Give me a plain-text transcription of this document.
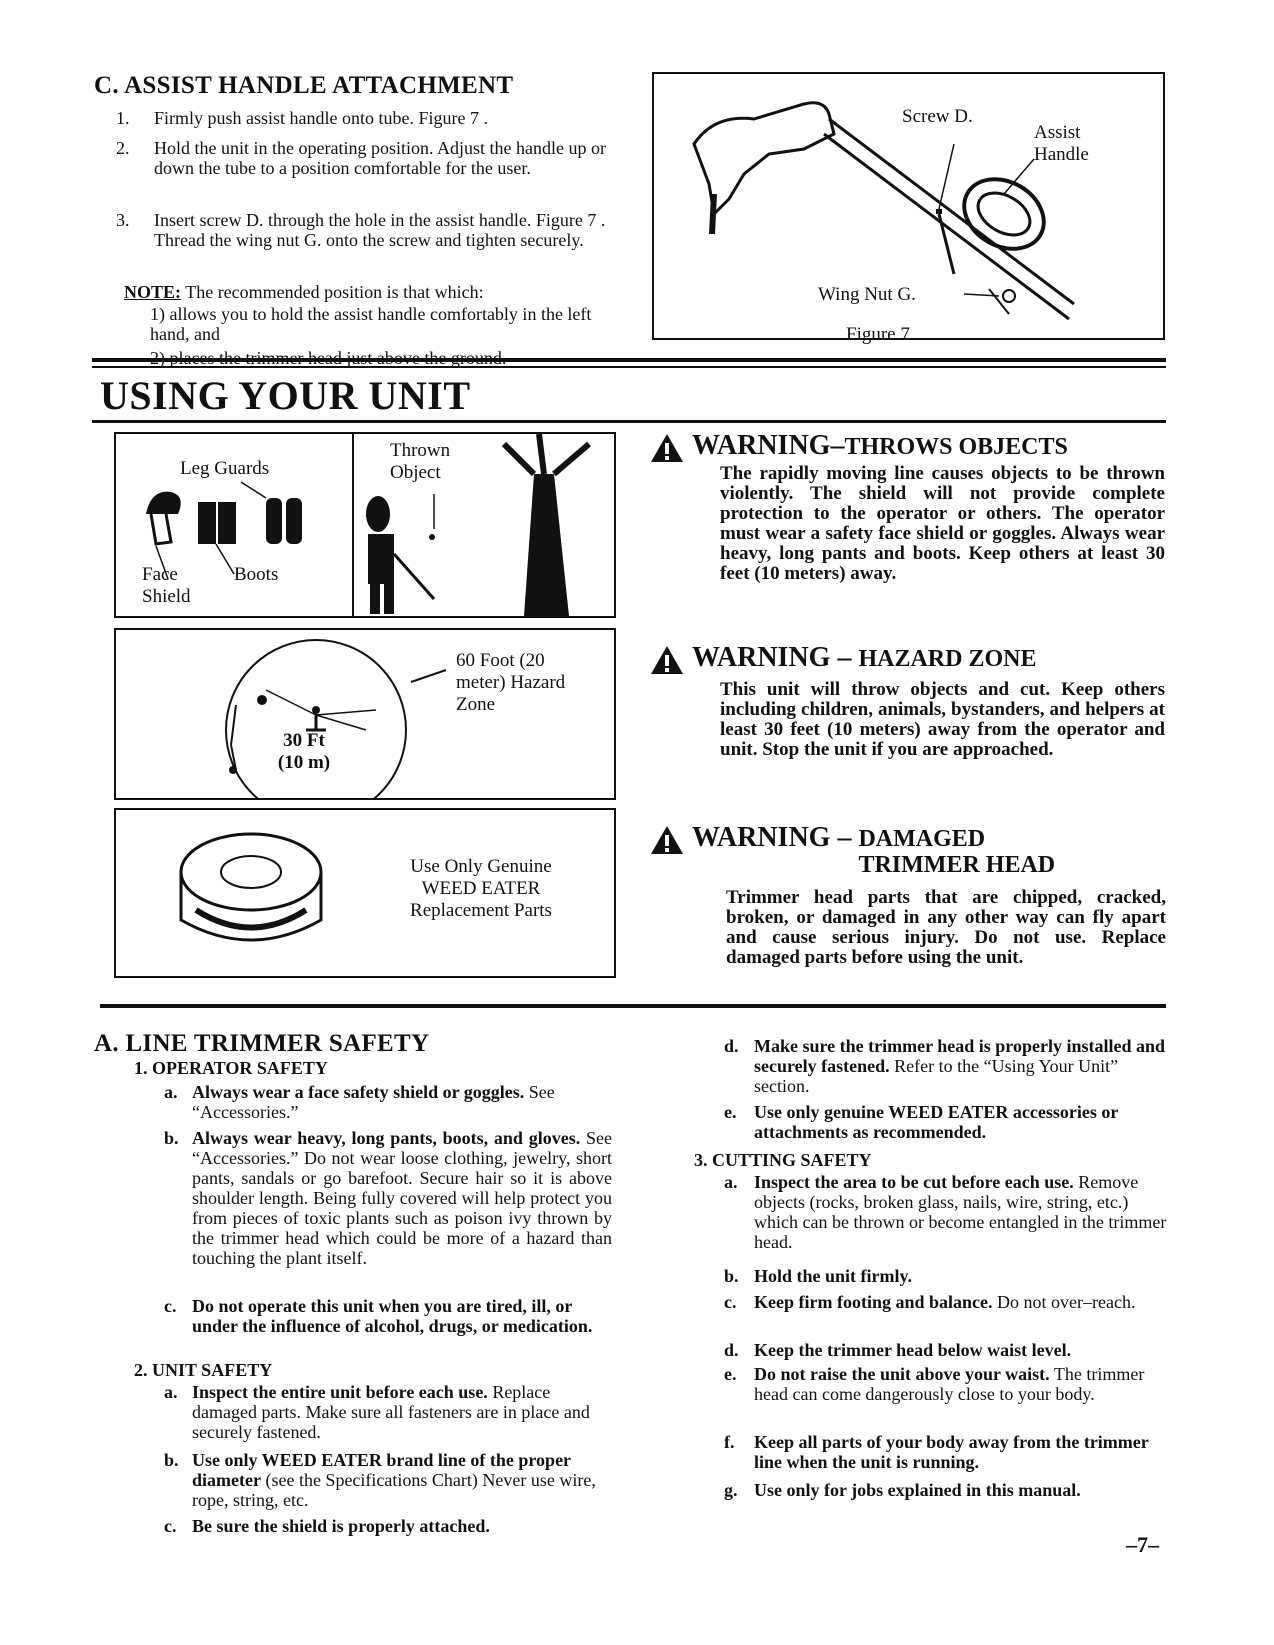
C. ASSIST HANDLE ATTACHMENT
1. Firmly push assist handle onto tube. Figure 7 .
2. Hold the unit in the operating position. Adjust the handle up or down the tube to a position comfortable for the user.
3. Insert screw D. through the hole in the assist handle. Figure 7 . Thread the wing nut G. onto the screw and tighten securely.
NOTE: The recommended position is that which:
1) allows you to hold the assist handle comfortably in the left hand, and
Screw D.
Assist Handle
Wing Nut G.
Figure 7
USING YOUR UNIT
Leg Guards
Face Shield
Boots
Thrown Object
60 Foot (20 meter) Hazard Zone
30 Ft (10 m)
Use Only Genuine WEED EATER Replacement Parts
WARNING–THROWS OBJECTS
The rapidly moving line causes objects to be thrown violently. The shield will not provide complete protection to the operator or others. The operator must wear a safety face shield or goggles. Always wear heavy, long pants and boots. Keep others at least 30 feet (10 meters) away.
WARNING – HAZARD ZONE
This unit will throw objects and cut. Keep others including children, animals, bystanders, and helpers at least 30 feet (10 meters) away from the operator and unit. Stop the unit if you are approached.
WARNING – DAMAGED TRIMMER HEAD
Trimmer head parts that are chipped, cracked, broken, or damaged in any other way can fly apart and cause serious injury. Do not use. Replace damaged parts before using the unit.
A. LINE TRIMMER SAFETY
1. OPERATOR SAFETY
a. Always wear a face safety shield or goggles. See “Accessories.”
b. Always wear heavy, long pants, boots, and gloves. See “Accessories.” Do not wear loose clothing, jewelry, short pants, sandals or go barefoot. Secure hair so it is above shoulder length. Being fully covered will help protect you from pieces of toxic plants such as poison ivy thrown by the trimmer head which could be more of a hazard than touching the plant itself.
c. Do not operate this unit when you are tired, ill, or under the influence of alcohol, drugs, or medication.
2. UNIT SAFETY
a. Inspect the entire unit before each use. Replace damaged parts. Make sure all fasteners are in place and securely fastened.
b. Use only WEED EATER brand line of the proper diameter (see the Specifications Chart) Never use wire, rope, string, etc.
c. Be sure the shield is properly attached.
d. Make sure the trimmer head is properly installed and securely fastened. Refer to the “Using Your Unit” section.
e. Use only genuine WEED EATER accessories or attachments as recommended.
3. CUTTING SAFETY
a. Inspect the area to be cut before each use. Remove objects (rocks, broken glass, nails, wire, string, etc.) which can be thrown or become entangled in the trimmer head.
b. Hold the unit firmly.
c. Keep firm footing and balance. Do not over–reach.
d. Keep the trimmer head below waist level.
e. Do not raise the unit above your waist. The trimmer head can come dangerously close to your body.
f. Keep all parts of your body away from the trimmer line when the unit is running.
g. Use only for jobs explained in this manual.
–7–
